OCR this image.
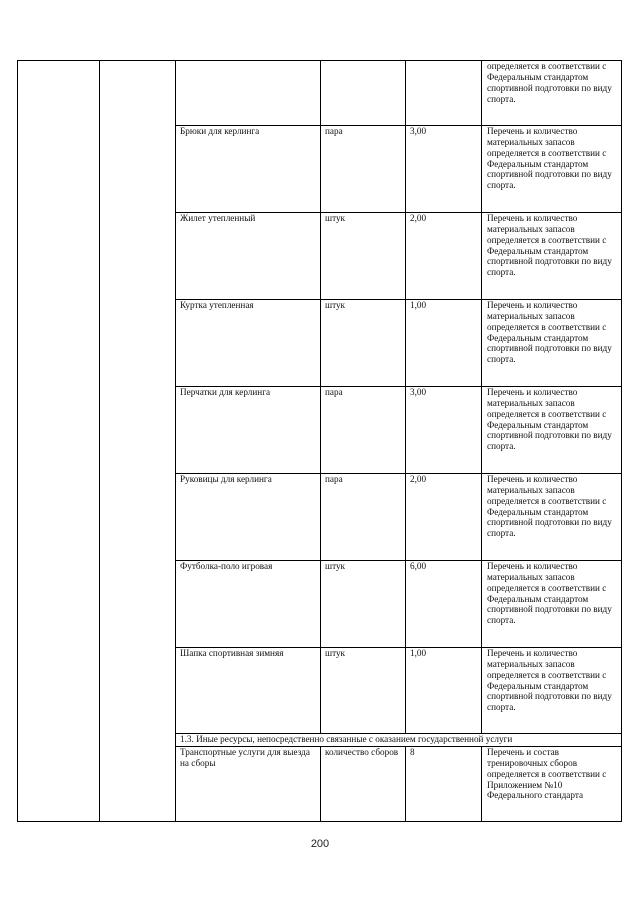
					определяется в соответствии с Федеральным стандартом спортивной подготовки по виду спорта.
		Брюки для керлинга	пара	3,00	Перечень и количество материальных запасов определяется в соответствии с Федеральным стандартом спортивной подготовки по виду спорта.
		Жилет утепленный	штук	2,00	Перечень и количество материальных запасов определяется в соответствии с Федеральным стандартом спортивной подготовки по виду спорта.
		Куртка утепленная	штук	1,00	Перечень и количество материальных запасов определяется в соответствии с Федеральным стандартом спортивной подготовки по виду спорта.
		Перчатки для керлинга	пара	3,00	Перечень и количество материальных запасов определяется в соответствии с Федеральным стандартом спортивной подготовки по виду спорта.
		Руковицы для керлинга	пара	2,00	Перечень и количество материальных запасов определяется в соответствии с Федеральным стандартом спортивной подготовки по виду спорта.
		Футболка-поло игровая	штук	6,00	Перечень и количество материальных запасов определяется в соответствии с Федеральным стандартом спортивной подготовки по виду спорта.
		Шапка спортивная зимняя	штук	1,00	Перечень и количество материальных запасов определяется в соответствии с Федеральным стандартом спортивной подготовки по виду спорта.
		1.3. Иные ресурсы, непосредственно связанные с оказанием государственной услуги			
		Транспортные услуги для выезда на сборы	количество сборов	8	Перечень и состав тренировочных сборов определяется в соответствии с Приложением №10 Федерального стандарта
200
